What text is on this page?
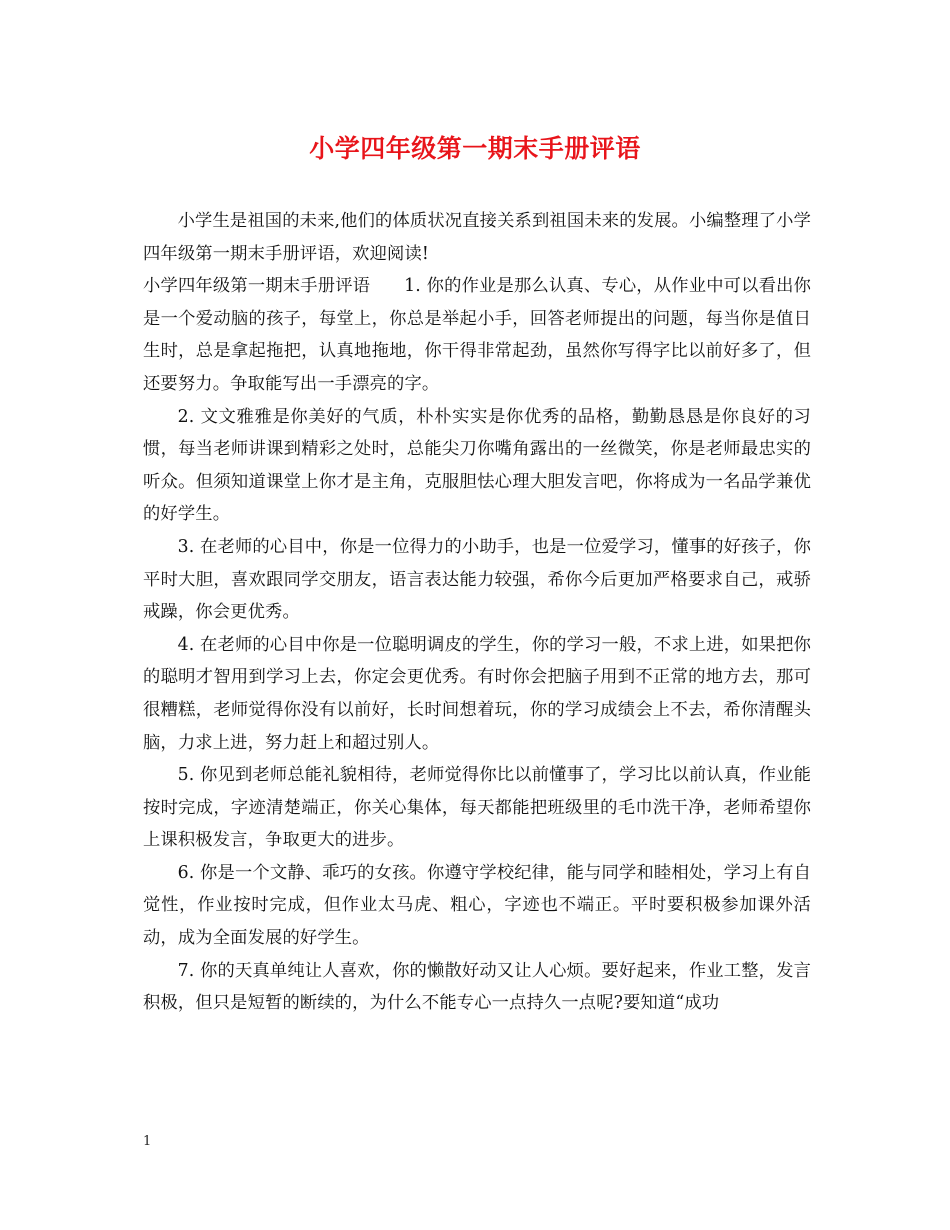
小学四年级第一期末手册评语

小学生是祖国的未来,他们的体质状况直接关系到祖国未来的发展。小编整理了小学四年级第一期末手册评语，欢迎阅读!

小学四年级第一期末手册评语 1. 你的作业是那么认真、专心，从作业中可以看出你是一个爱动脑的孩子，每堂上，你总是举起小手，回答老师提出的问题，每当你是值日生时，总是拿起拖把，认真地拖地，你干得非常起劲，虽然你写得字比以前好多了，但还要努力。争取能写出一手漂亮的字。

2. 文文雅雅是你美好的气质，朴朴实实是你优秀的品格，勤勤恳恳是你良好的习惯，每当老师讲课到精彩之处时，总能尖刀你嘴角露出的一丝微笑，你是老师最忠实的听众。但须知道课堂上你才是主角，克服胆怯心理大胆发言吧，你将成为一名品学兼优的好学生。

3. 在老师的心目中，你是一位得力的小助手，也是一位爱学习，懂事的好孩子，你平时大胆，喜欢跟同学交朋友，语言表达能力较强，希你今后更加严格要求自己，戒骄戒躁，你会更优秀。

4. 在老师的心目中你是一位聪明调皮的学生，你的学习一般，不求上进，如果把你的聪明才智用到学习上去，你定会更优秀。有时你会把脑子用到不正常的地方去，那可很糟糕，老师觉得你没有以前好，长时间想着玩，你的学习成绩会上不去，希你清醒头脑，力求上进，努力赶上和超过别人。

5. 你见到老师总能礼貌相待，老师觉得你比以前懂事了，学习比以前认真，作业能按时完成，字迹清楚端正，你关心集体，每天都能把班级里的毛巾洗干净，老师希望你上课积极发言，争取更大的进步。

6. 你是一个文静、乖巧的女孩。你遵守学校纪律，能与同学和睦相处，学习上有自觉性，作业按时完成，但作业太马虎、粗心，字迹也不端正。平时要积极参加课外活动，成为全面发展的好学生。

7. 你的天真单纯让人喜欢，你的懒散好动又让人心烦。要好起来，作业工整，发言积极，但只是短暂的断续的，为什么不能专心一点持久一点呢?要知道“成功

1
